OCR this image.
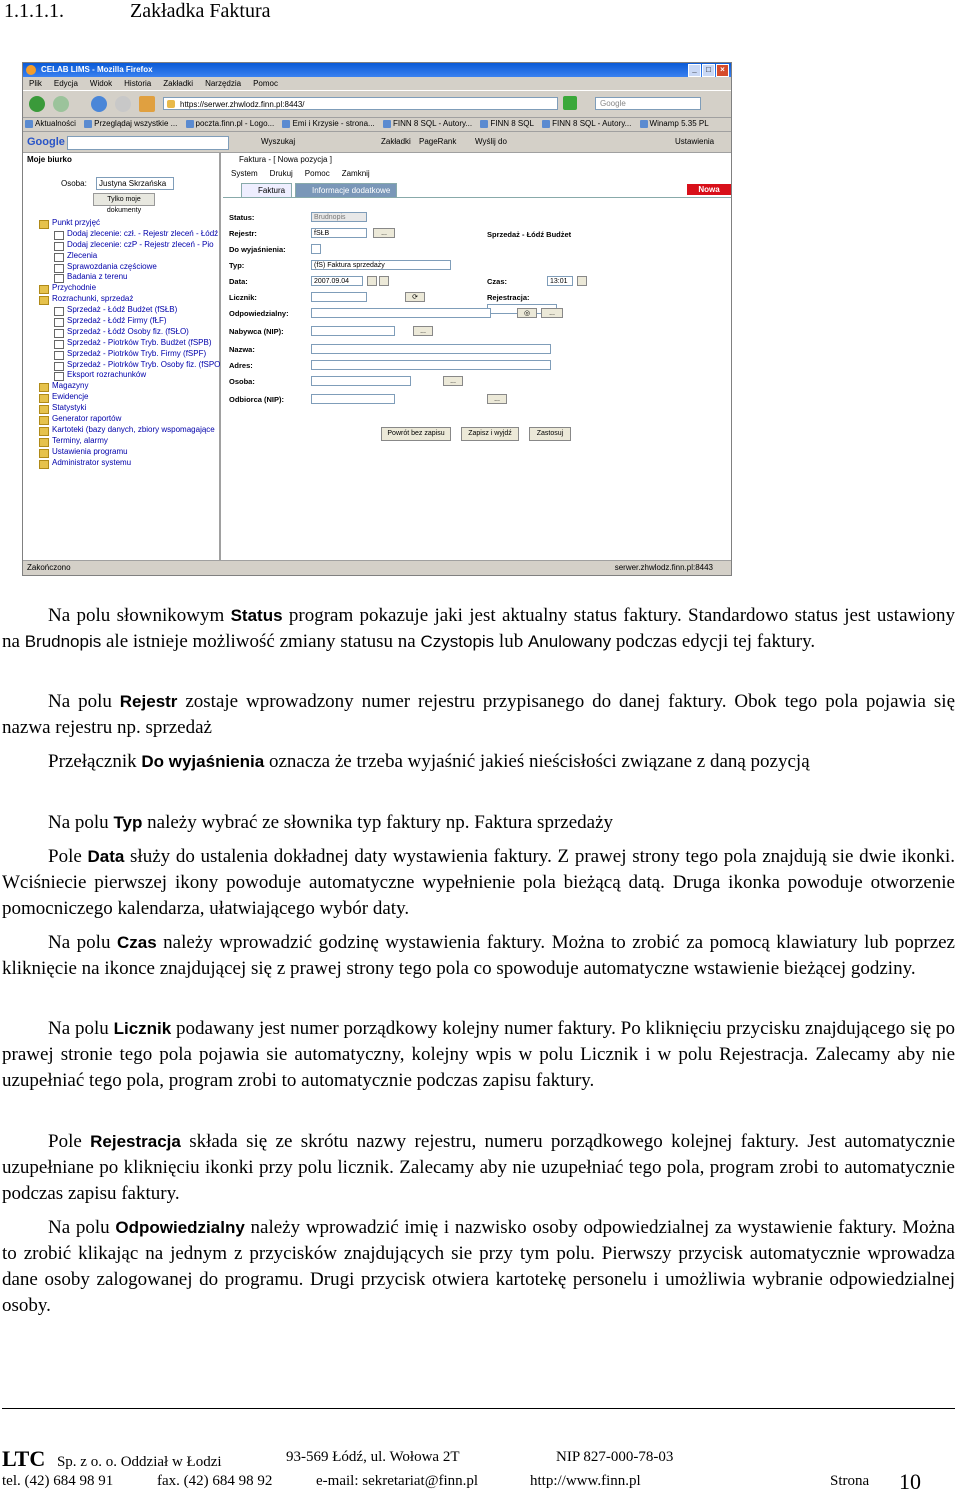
1.1.1.1.	Zakładka Faktura
CELAB LIMS - Mozilla Firefox	_	□	×
Plik Edycja Widok Historia Zakładki Narzędzia Pomoc
https://serwer.zhwlodz.finn.pl:8443/	Google
Aktualności Przeglądaj wszystkie ... poczta.finn.pl - Logo... Emi i Krzysie - strona... FINN 8 SQL - Autory... FINN 8 SQL FINN 8 SQL - Autory... Winamp 5.35 PL
Google	Wyszukaj	Zakładki PageRank Wyślij do	Ustawienia
Moje biurko
Osoba:	Justyna Skrzańska
Tylko moje dokumenty
Punkt przyjęć
Dodaj zlecenie: czł. - Rejestr zleceń - Łódź
Dodaj zlecenie: czP - Rejestr zleceń - Pio
Zlecenia
Sprawozdania częściowe
Badania z terenu
Przychodnie
Rozrachunki, sprzedaż
Sprzedaż - Łódź Budżet (fSŁB)
Sprzedaż - Łódź Firmy (fŁF)
Sprzedaż - Łódź Osoby fiz. (fSŁO)
Sprzedaż - Piotrków Tryb. Budżet (fSPB)
Sprzedaż - Piotrków Tryb. Firmy (fSPF)
Sprzedaż - Piotrków Tryb. Osoby fiz. (fSPO
Eksport rozrachunków
Magazyny
Ewidencje
Statystyki
Generator raportów
Kartoteki (bazy danych, zbiory wspomagające
Terminy, alarmy
Ustawienia programu
Administrator systemu
Faktura - [ Nowa pozycja ]
System Drukuj Pomoc Zamknij
Faktura	Informacje dodatkowe	Nowa
Status:	Brudnopis
Rejestr:	fSŁB	...	Sprzedaż - Łódź Budżet
Do wyjaśnienia:
Typ:	(fS) Faktura sprzedaży
Data:	2007.09.04	Czas:	13:01
Licznik:	⟳	Rejestracja:
Odpowiedzialny:	◎	...
Nabywca (NIP):	...
Nazwa:
Adres:
Osoba:	...
Odbiorca (NIP):	...
Powrót bez zapisu	Zapisz i wyjdź	Zastosuj
Zakończono	serwer.zhwlodz.finn.pl:8443
Na polu słownikowym Status program pokazuje jaki jest aktualny status faktury. Standardowo status jest ustawiony na Brudnopis ale istnieje możliwość zmiany statusu na Czystopis lub Anulowany podczas edycji tej faktury.
Na polu Rejestr zostaje wprowadzony numer rejestru przypisanego do danej faktury. Obok tego pola pojawia się nazwa rejestru np. sprzedaż
Przełącznik Do wyjaśnienia oznacza że trzeba wyjaśnić jakieś nieścisłości związane z daną pozycją
Na polu Typ należy wybrać ze słownika typ faktury np. Faktura sprzedaży
Pole Data służy do ustalenia dokładnej daty wystawienia faktury. Z prawej strony tego pola znajdują sie dwie ikonki. Wciśniecie pierwszej ikony powoduje automatyczne wypełnienie pola bieżącą datą. Druga ikonka powoduje otworzenie pomocniczego kalendarza, ułatwiającego wybór daty.
Na polu Czas należy wprowadzić godzinę wystawienia faktury. Można to zrobić za pomocą klawiatury lub poprzez kliknięcie na ikonce znajdującej się z prawej strony tego pola co spowoduje automatyczne wstawienie bieżącej godziny.
Na polu Licznik podawany jest numer porządkowy kolejny numer faktury. Po kliknięciu przycisku znajdującego się po prawej stronie tego pola pojawia sie automatyczny, kolejny wpis w polu Licznik i w polu Rejestracja. Zalecamy aby nie uzupełniać tego pola, program zrobi to automatycznie podczas zapisu faktury.
Pole Rejestracja składa się ze skrótu nazwy rejestru, numeru porządkowego kolejnej faktury. Jest automatycznie uzupełniane po kliknięciu ikonki przy polu licznik. Zalecamy aby nie uzupełniać tego pola, program zrobi to automatycznie podczas zapisu faktury.
Na polu Odpowiedzialny należy wprowadzić imię i nazwisko osoby odpowiedzialnej za wystawienie faktury. Można to zrobić klikając na jednym z przycisków znajdujących sie przy tym polu. Pierwszy przycisk automatycznie wprowadza dane osoby zalogowanej do programu. Drugi przycisk otwiera kartotekę personelu i umożliwia wybranie odpowiedzialnej osoby.
LTC Sp. z o. o. Oddział w Łodzi	93-569 Łódź, ul. Wołowa 2T	NIP 827-000-78-03
tel. (42) 684 98 91	fax. (42) 684 98 92	e-mail: sekretariat@finn.pl	http://www.finn.pl	Strona 10
